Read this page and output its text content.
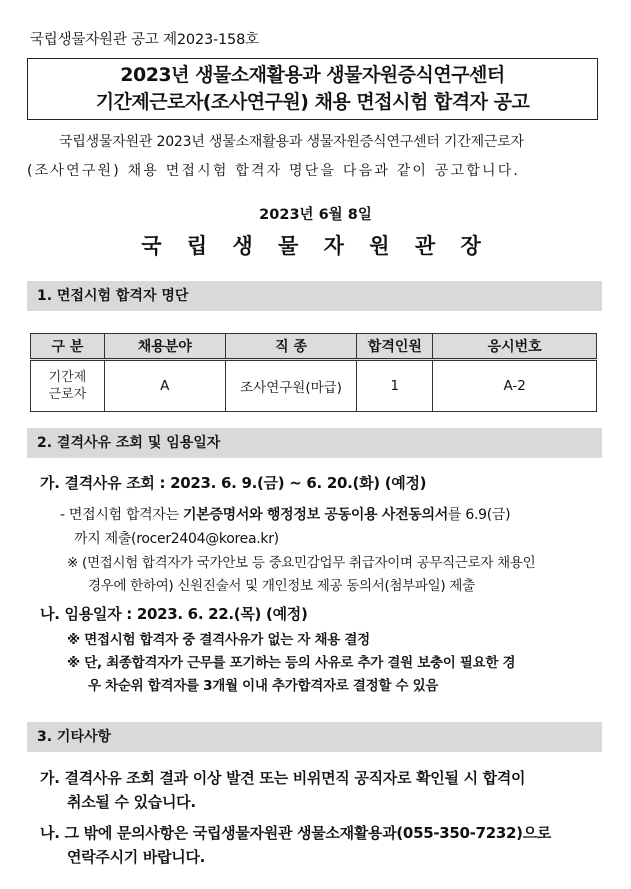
국립생물자원관 공고 제2023-158호
2023년 생물소재활용과 생물자원증식연구센터
기간제근로자(조사연구원) 채용 면접시험 합격자 공고
국립생물자원관 2023년 생물소재활용과 생물자원증식연구센터 기간제근로자
(조사연구원) 채용 면접시험 합격자 명단을 다음과 같이 공고합니다.
2023년 6월 8일
국 립 생 물 자 원 관 장
1. 면접시험 합격자 명단
구 분	채용분야	직 종	합격인원	응시번호

기간제
근로자	A	조사연구원(마급)	1	A-2
2. 결격사유 조회 및 임용일자
가. 결격사유 조회 : 2023. 6. 9.(금) ~ 6. 20.(화) (예정)
- 면접시험 합격자는 기본증명서와 행정정보 공동이용 사전동의서를 6.9(금)
까지 제출(rocer2404@korea.kr)
※ (면접시험 합격자가 국가안보 등 중요민감업무 취급자이며 공무직근로자 채용인
경우에 한하여) 신원진술서 및 개인정보 제공 동의서(첨부파일) 제출
나. 임용일자 : 2023. 6. 22.(목) (예정)
※ 면접시험 합격자 중 결격사유가 없는 자 채용 결정
※ 단, 최종합격자가 근무를 포기하는 등의 사유로 추가 결원 보충이 필요한 경
우 차순위 합격자를 3개월 이내 추가합격자로 결정할 수 있음
3. 기타사항
가. 결격사유 조회 결과 이상 발견 또는 비위면직 공직자로 확인될 시 합격이
취소될 수 있습니다.
나. 그 밖에 문의사항은 국립생물자원관 생물소재활용과(055-350-7232)으로
연락주시기 바랍니다.
